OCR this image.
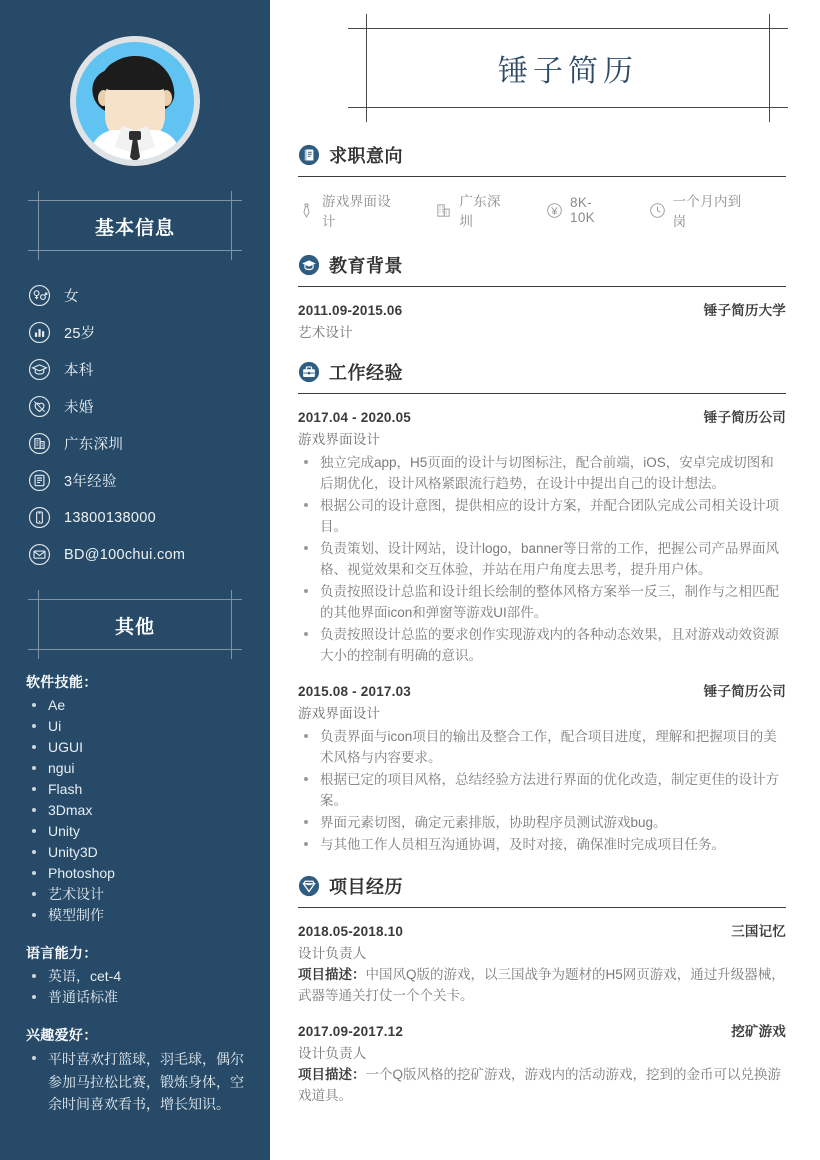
基本信息
女
25岁
本科
未婚
广东深圳
3年经验
13800138000
BD@100chui.com
其他
软件技能：
Ae
Ui
UGUI
ngui
Flash
3Dmax
Unity
Unity3D
Photoshop
艺术设计
模型制作
语言能力：
英语，cet-4
普通话标准
兴趣爱好：
平时喜欢打篮球，羽毛球，偶尔参加马拉松比赛，锻炼身体，空余时间喜欢看书，增长知识。
锤子简历
求职意向
游戏界面设计
广东深圳
8K-10K
一个月内到岗
教育背景
2011.09-2015.06	锤子简历大学
艺术设计
工作经验
2017.04 - 2020.05	锤子简历公司
游戏界面设计
独立完成app，H5页面的设计与切图标注，配合前端，iOS，安卓完成切图和后期优化，设计风格紧跟流行趋势，在设计中提出自己的设计想法。
根据公司的设计意图，提供相应的设计方案，并配合团队完成公司相关设计项目。
负责策划、设计网站，设计logo，banner等日常的工作，把握公司产品界面风格、视觉效果和交互体验，并站在用户角度去思考，提升用户体。
负责按照设计总监和设计组长绘制的整体风格方案举一反三，制作与之相匹配的其他界面icon和弹窗等游戏UI部件。
负责按照设计总监的要求创作实现游戏内的各种动态效果，且对游戏动效资源大小的控制有明确的意识。
2015.08 - 2017.03	锤子简历公司
游戏界面设计
负责界面与icon项目的输出及整合工作，配合项目进度，理解和把握项目的美术风格与内容要求。
根据已定的项目风格，总结经验方法进行界面的优化改造，制定更佳的设计方案。
界面元素切图，确定元素排版，协助程序员测试游戏bug。
与其他工作人员相互沟通协调，及时对接，确保准时完成项目任务。
项目经历
2018.05-2018.10	三国记忆
设计负责人
项目描述：中国风Q版的游戏，以三国战争为题材的H5网页游戏，通过升级器械，武器等通关打仗一个个关卡。
2017.09-2017.12	挖矿游戏
设计负责人
项目描述：一个Q版风格的挖矿游戏，游戏内的活动游戏，挖到的金币可以兑换游戏道具。
